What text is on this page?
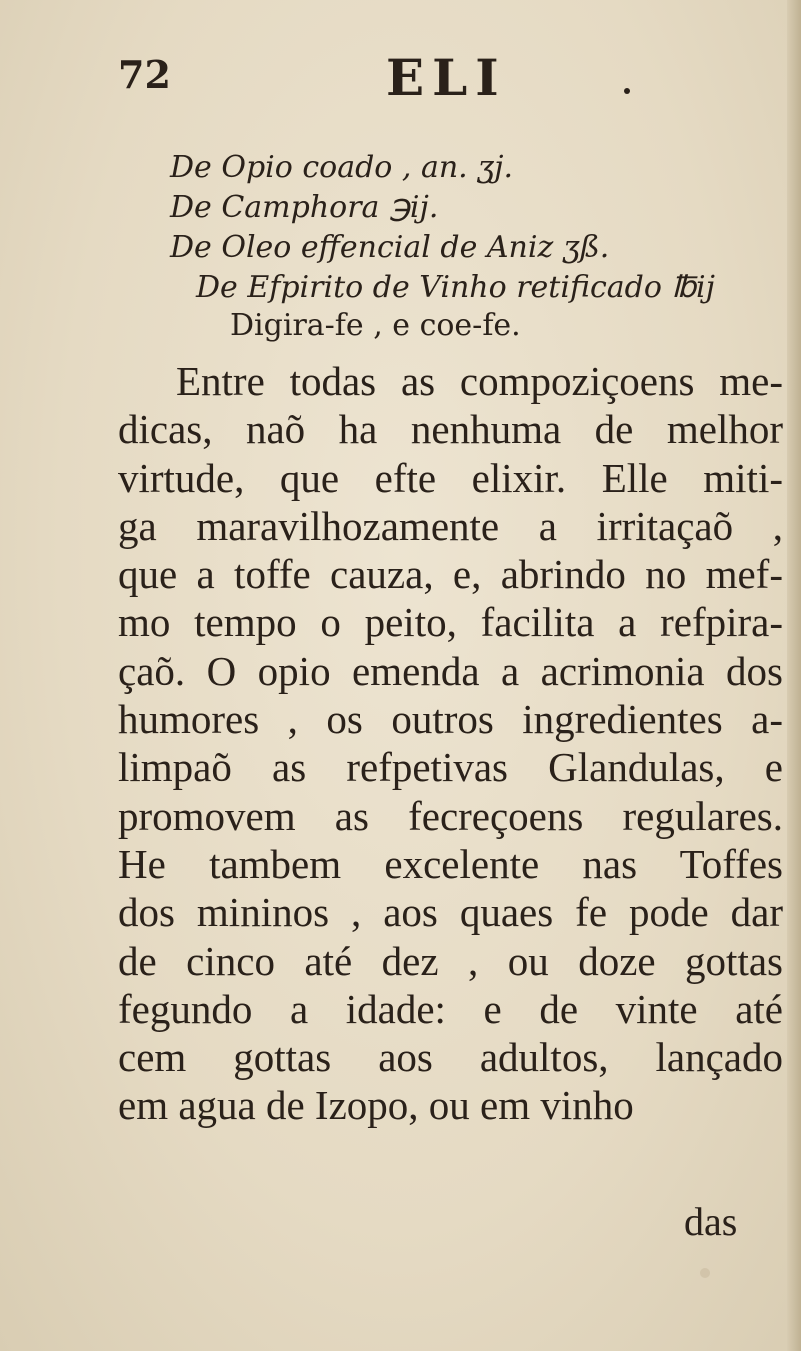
72	ELI
De Opio coado , an. ʒj.
De Camphora ℈ij.
De Oleo effencial de Aniz ʒß.
De Efpirito de Vinho retificado ℔ij
Digira-fe , e coe-fe.
Entre todas as compoziçoens me-
dicas, naõ ha nenhuma de melhor
virtude, que efte elixir. Elle miti-
ga maravilhozamente a irritaçaõ ,
que a toffe cauza, e, abrindo no mef-
mo tempo o peito, facilita a refpira-
çaõ. O opio emenda a acrimonia dos
humores , os outros ingredientes a-
limpaõ as refpetivas Glandulas, e
promovem as fecreçoens regulares.
He tambem excelente nas Toffes
dos mininos , aos quaes fe pode dar
de cinco até dez , ou doze gottas
fegundo a idade: e de vinte até
cem gottas aos adultos, lançado
em agua de Izopo, ou em vinho
das
